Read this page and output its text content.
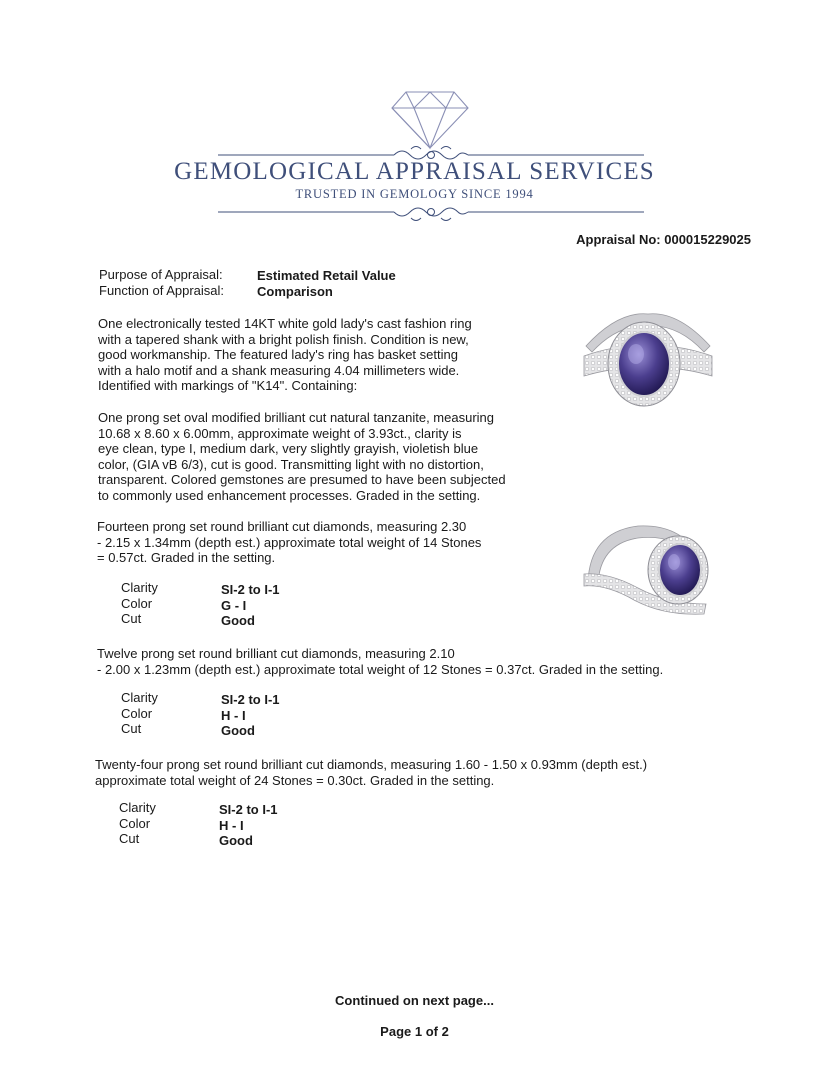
GEMOLOGICAL APPRAISAL SERVICES
TRUSTED IN GEMOLOGY SINCE 1994
Appraisal No: 000015229025
Purpose of Appraisal:	Estimated Retail Value
Function of Appraisal:	Comparison
One electronically tested 14KT white gold lady's cast fashion ring
with a tapered shank with a bright polish finish. Condition is new,
good workmanship. The featured lady's ring has basket setting
with a halo motif and a shank measuring 4.04 millimeters wide.
Identified with markings of "K14". Containing:
One prong set oval modified brilliant cut natural tanzanite, measuring
10.68 x 8.60 x 6.00mm, approximate weight of 3.93ct., clarity is
eye clean, type I, medium dark, very slightly grayish, violetish blue
color, (GIA vB 6/3), cut is good. Transmitting light with no distortion,
transparent. Colored gemstones are presumed to have been subjected
to commonly used enhancement processes. Graded in the setting.
Fourteen prong set round brilliant cut diamonds, measuring 2.30
- 2.15 x 1.34mm (depth est.) approximate total weight of 14 Stones
= 0.57ct. Graded in the setting.
Clarity
Color
Cut
SI-2 to I-1
G - I
Good
Twelve prong set round brilliant cut diamonds, measuring 2.10
- 2.00 x 1.23mm (depth est.) approximate total weight of 12 Stones = 0.37ct. Graded in the setting.
Clarity
Color
Cut
SI-2 to I-1
H - I
Good
Twenty-four prong set round brilliant cut diamonds, measuring 1.60 - 1.50 x 0.93mm (depth est.)
approximate total weight of 24 Stones = 0.30ct. Graded in the setting.
Clarity
Color
Cut
SI-2 to I-1
H - I
Good
Continued on next page...
Page 1 of 2
